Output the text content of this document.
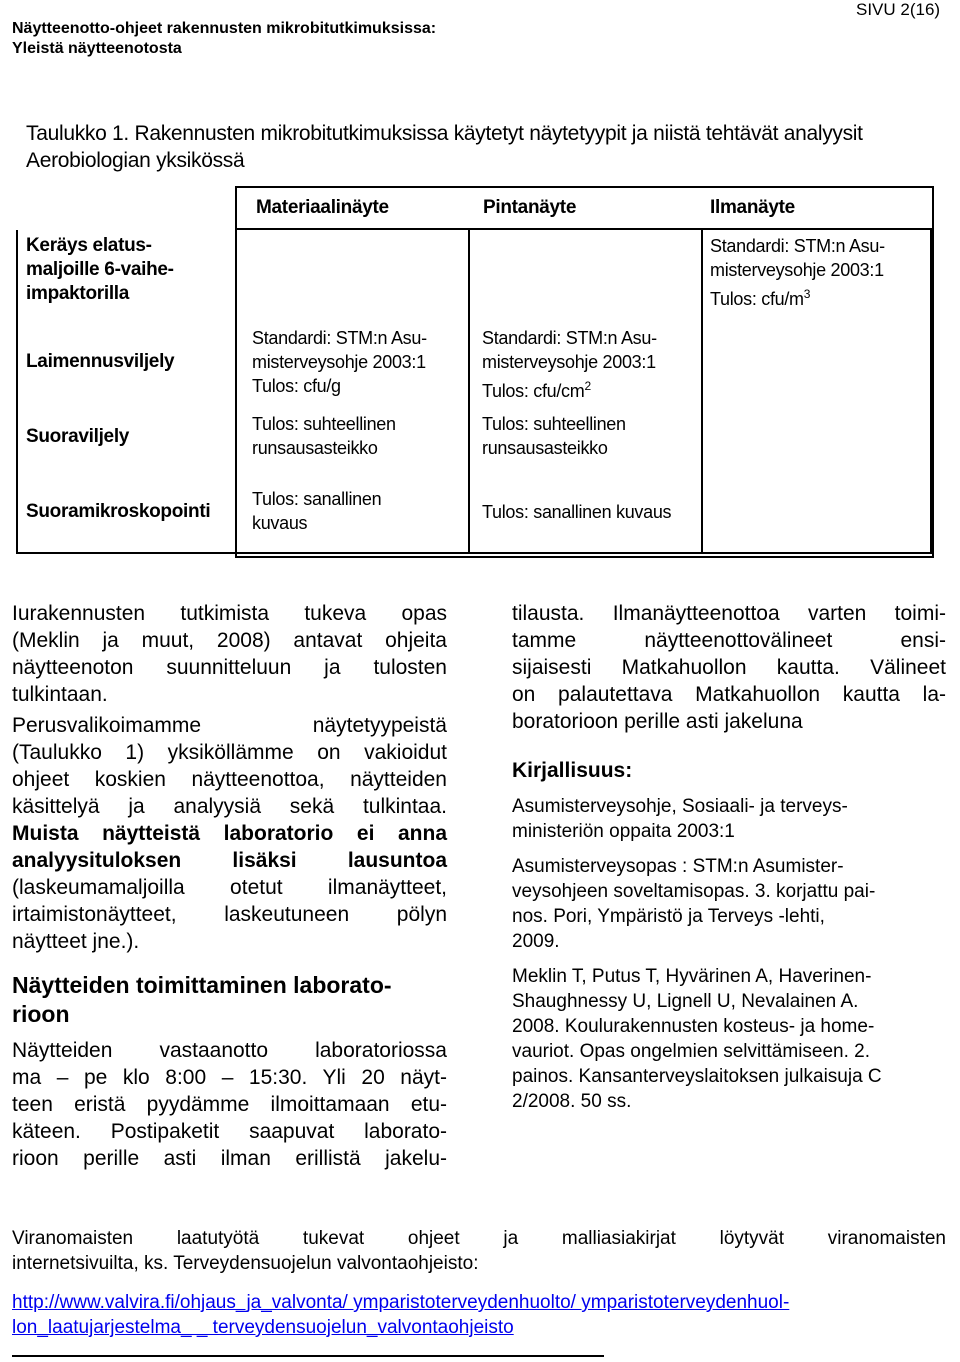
Näytteenotto-ohjeet rakennusten mikrobitutkimuksissa:
Yleistä näytteenotosta
SIVU 2(16)
Taulukko 1. Rakennusten mikrobitutkimuksissa käytetyt näytetyypit ja niistä tehtävät analyysit
Aerobiologian yksikössä
Materiaalinäyte	Pintanäyte	Ilmanäyte
Keräys elatus-
maljoille 6-vaihe-
impaktorilla
Standardi: STM:n Asu-
misterveysohje 2003:1
Tulos: cfu/$m^3$
Laimennusviljely
Standardi: STM:n Asu-
misterveysohje 2003:1
Tulos: cfu/g
Standardi: STM:n Asu-
misterveysohje 2003:1
Tulos: cfu/$cm^2$
Suoraviljely
Tulos: suhteellinen
runsausasteikko
Tulos: suhteellinen
runsausasteikko
Suoramikroskopointi
Tulos: sanallinen
kuvaus
Tulos: sanallinen kuvaus

Iurakennusten tutkimista tukeva opas
(Meklin ja muut, 2008) antavat ohjeita
näytteenoton suunnitteluun ja tulosten

tulkintaan.

Perusvalikoimamme näytetyypeistä
(Taulukko 1) yksiköllämme on vakioidut
ohjeet koskien näytteenottoa, näytteiden
käsittelyä ja analyysiä sekä tulkintaa.
Muista näytteistä laboratorio ei anna
analyysituloksen lisäksi lausuntoa
(laskeumamaljoilla otetut ilmanäytteet,
irtaimistonäytteet, laskeutuneen pölyn

näytteet jne.).

Näytteiden toimittaminen laborato-
rioon

Näytteiden vastaanotto laboratoriossa
ma – pe klo 8:00 – 15:30. Yli 20 näyt-
teen eristä pyydämme ilmoittamaan etu-
käteen. Postipaketit saapuvat laborato-
rioon perille asti ilman erillistä jakelu-

tilausta. Ilmanäytteenottoa varten toimi-
tamme näytteenottovälineet ensi-
sijaisesti Matkahuollon kautta. Välineet
on palautettava Matkahuollon kautta la-

boratorioon perille asti jakeluna

Kirjallisuus:
Asumisterveysohje, Sosiaali- ja terveys-
ministeriön oppaita 2003:1
Asumisterveysopas : STM:n Asumister-
veysohjeen soveltamisopas. 3. korjattu pai-
nos. Pori, Ympäristö ja Terveys -lehti,
2009.
Meklin T, Putus T, Hyvärinen A, Haverinen-
Shaughnessy U, Lignell U, Nevalainen A.
2008. Koulurakennusten kosteus- ja home-
vauriot. Opas ongelmien selvittämiseen. 2.
painos. Kansanterveyslaitoksen julkaisuja C
2/2008. 50 ss.
Viranomaisten laatutyötä tukevat ohjeet ja malliasiakirjat löytyvät viranomaisten
internetsivuilta, ks. Terveydensuojelun valvontaohjeisto:
http://www.valvira.fi/ohjaus_ja_valvonta/ ymparistoterveydenhuolto/ ymparistoterveydenhuol-
lon_laatujarjestelma_ _ terveydensuojelun_valvontaohjeisto
